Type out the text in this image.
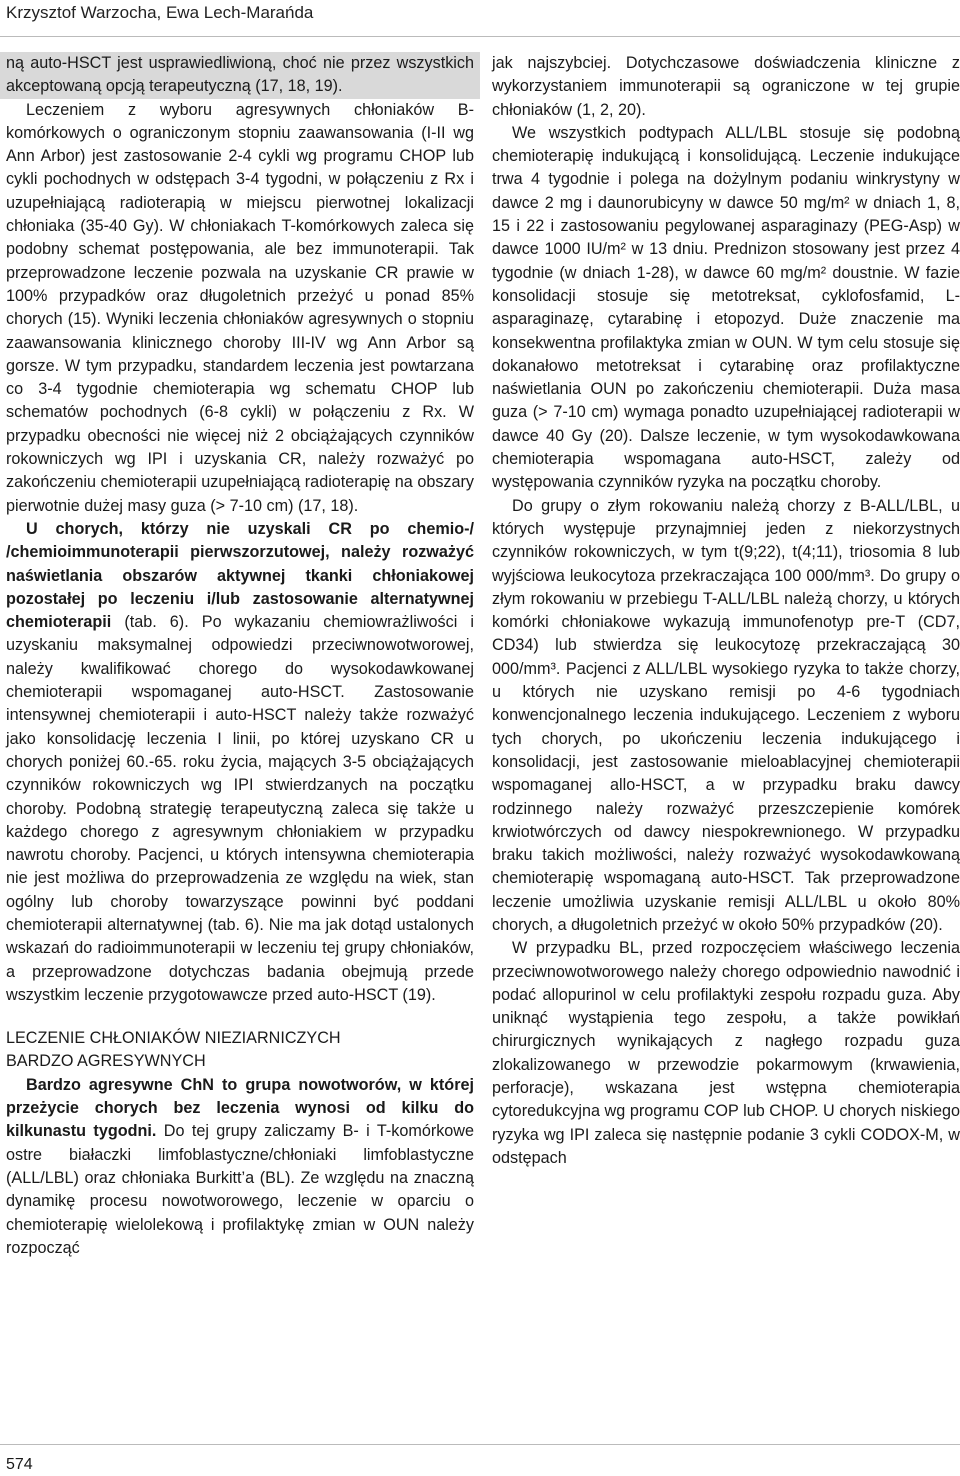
Krzysztof Warzocha, Ewa Lech-Marańda

ną auto-HSCT jest usprawiedliwioną, choć nie przez wszystkich akceptowaną opcją terapeutyczną (17, 18, 19).

Leczeniem z wyboru agresywnych chłoniaków B-komórkowych o ograniczonym stopniu zaawansowania (I-II wg Ann Arbor) jest zastosowanie 2-4 cykli wg programu CHOP lub cykli pochodnych w odstępach 3-4 tygodni, w połączeniu z Rx i uzupełniającą radioterapią w miejscu pierwotnej lokalizacji chłoniaka (35-40 Gy). W chłoniakach T-komórkowych zaleca się podobny schemat postępowania, ale bez immunoterapii. Tak przeprowadzone leczenie pozwala na uzyskanie CR prawie w 100% przypadków oraz długoletnich przeżyć u ponad 85% chorych (15). Wyniki leczenia chłoniaków agresywnych o stopniu zaawansowania klinicznego choroby III-IV wg Ann Arbor są gorsze. W tym przypadku, standardem leczenia jest powtarzana co 3-4 tygodnie chemioterapia wg schematu CHOP lub schematów pochodnych (6-8 cykli) w połączeniu z Rx. W przypadku obecności nie więcej niż 2 obciążających czynników rokowniczych wg IPI i uzyskania CR, należy rozważyć po zakończeniu chemioterapii uzupełniającą radioterapię na obszary pierwotnie dużej masy guza (> 7-10 cm) (17, 18).

U chorych, którzy nie uzyskali CR po chemio-/ /chemioimmunoterapii pierwszorzutowej, należy rozważyć naświetlania obszarów aktywnej tkanki chłoniakowej pozostałej po leczeniu i/lub zastosowanie alternatywnej chemioterapii (tab. 6). Po wykazaniu chemiowrażliwości i uzyskaniu maksymalnej odpowiedzi przeciwnowotworowej, należy kwalifikować chorego do wysokodawkowanej chemioterapii wspomaganej auto-HSCT. Zastosowanie intensywnej chemioterapii i auto-HSCT należy także rozważyć jako konsolidację leczenia I linii, po której uzyskano CR u chorych poniżej 60.-65. roku życia, mających 3-5 obciążających czynników rokowniczych wg IPI stwierdzanych na początku choroby. Podobną strategię terapeutyczną zaleca się także u każdego chorego z agresywnym chłoniakiem w przypadku nawrotu choroby. Pacjenci, u których intensywna chemioterapia nie jest możliwa do przeprowadzenia ze względu na wiek, stan ogólny lub choroby towarzyszące powinni być poddani chemioterapii alternatywnej (tab. 6). Nie ma jak dotąd ustalonych wskazań do radioimmunoterapii w leczeniu tej grupy chłoniaków, a przeprowadzone dotychczas badania obejmują przede wszystkim leczenie przygotowawcze przed auto-HSCT (19).

LECZENIE CHŁONIAKÓW NIEZIARNICZYCH

BARDZO AGRESYWNYCH

Bardzo agresywne ChN to grupa nowotworów, w której przeżycie chorych bez leczenia wynosi od kilku do kilkunastu tygodni. Do tej grupy zaliczamy B- i T-komórkowe ostre białaczki limfoblastyczne/chłoniaki limfoblastyczne (ALL/LBL) oraz chłoniaka Burkitt’a (BL). Ze względu na znaczną dynamikę procesu nowotworowego, leczenie w oparciu o chemioterapię wielolekową i profilaktykę zmian w OUN należy rozpocząć

jak najszybciej. Dotychczasowe doświadczenia kliniczne z wykorzystaniem immunoterapii są ograniczone w tej grupie chłoniaków (1, 2, 20).

We wszystkich podtypach ALL/LBL stosuje się podobną chemioterapię indukującą i konsolidującą. Leczenie indukujące trwa 4 tygodnie i polega na dożylnym podaniu winkrystyny w dawce 2 mg i daunorubicyny w dawce 50 mg/m² w dniach 1, 8, 15 i 22 i zastosowaniu pegylowanej asparaginazy (PEG-Asp) w dawce 1000 IU/m² w 13 dniu. Prednizon stosowany jest przez 4 tygodnie (w dniach 1-28), w dawce 60 mg/m² doustnie. W fazie konsolidacji stosuje się metotreksat, cyklofosfamid, L-asparaginazę, cytarabinę i etopozyd. Duże znaczenie ma konsekwentna profilaktyka zmian w OUN. W tym celu stosuje się dokanałowo metotreksat i cytarabinę oraz profilaktyczne naświetlania OUN po zakończeniu chemioterapii. Duża masa guza (> 7-10 cm) wymaga ponadto uzupełniającej radioterapii w dawce 40 Gy (20). Dalsze leczenie, w tym wysokodawkowana chemioterapia wspomagana auto-HSCT, zależy od występowania czynników ryzyka na początku choroby.

Do grupy o złym rokowaniu należą chorzy z B-ALL/LBL, u których występuje przynajmniej jeden z niekorzystnych czynników rokowniczych, w tym t(9;22), t(4;11), triosomia 8 lub wyjściowa leukocytoza przekraczająca 100 000/mm³. Do grupy o złym rokowaniu w przebiegu T-ALL/LBL należą chorzy, u których komórki chłoniakowe wykazują immunofenotyp pre-T (CD7, CD34) lub stwierdza się leukocytozę przekraczającą 30 000/mm³. Pacjenci z ALL/LBL wysokiego ryzyka to także chorzy, u których nie uzyskano remisji po 4-6 tygodniach konwencjonalnego leczenia indukującego. Leczeniem z wyboru tych chorych, po ukończeniu leczenia indukującego i konsolidacji, jest zastosowanie mieloablacyjnej chemioterapii wspomaganej allo-HSCT, a w przypadku braku dawcy rodzinnego należy rozważyć przeszczepienie komórek krwiotwórczych od dawcy niespokrewnionego. W przypadku braku takich możliwości, należy rozważyć wysokodawkowaną chemioterapię wspomaganą auto-HSCT. Tak przeprowadzone leczenie umożliwia uzyskanie remisji ALL/LBL u około 80% chorych, a długoletnich przeżyć w około 50% przypadków (20).

W przypadku BL, przed rozpoczęciem właściwego leczenia przeciwnowotworowego należy chorego odpowiednio nawodnić i podać allopurinol w celu profilaktyki zespołu rozpadu guza. Aby uniknąć wystąpienia tego zespołu, a także powikłań chirurgicznych wynikających z nagłego rozpadu guza zlokalizowanego w przewodzie pokarmowym (krwawienia, perforacje), wskazana jest wstępna chemioterapia cytoredukcyjna wg programu COP lub CHOP. U chorych niskiego ryzyka wg IPI zaleca się następnie podanie 3 cykli CODOX-M, w odstępach

574
